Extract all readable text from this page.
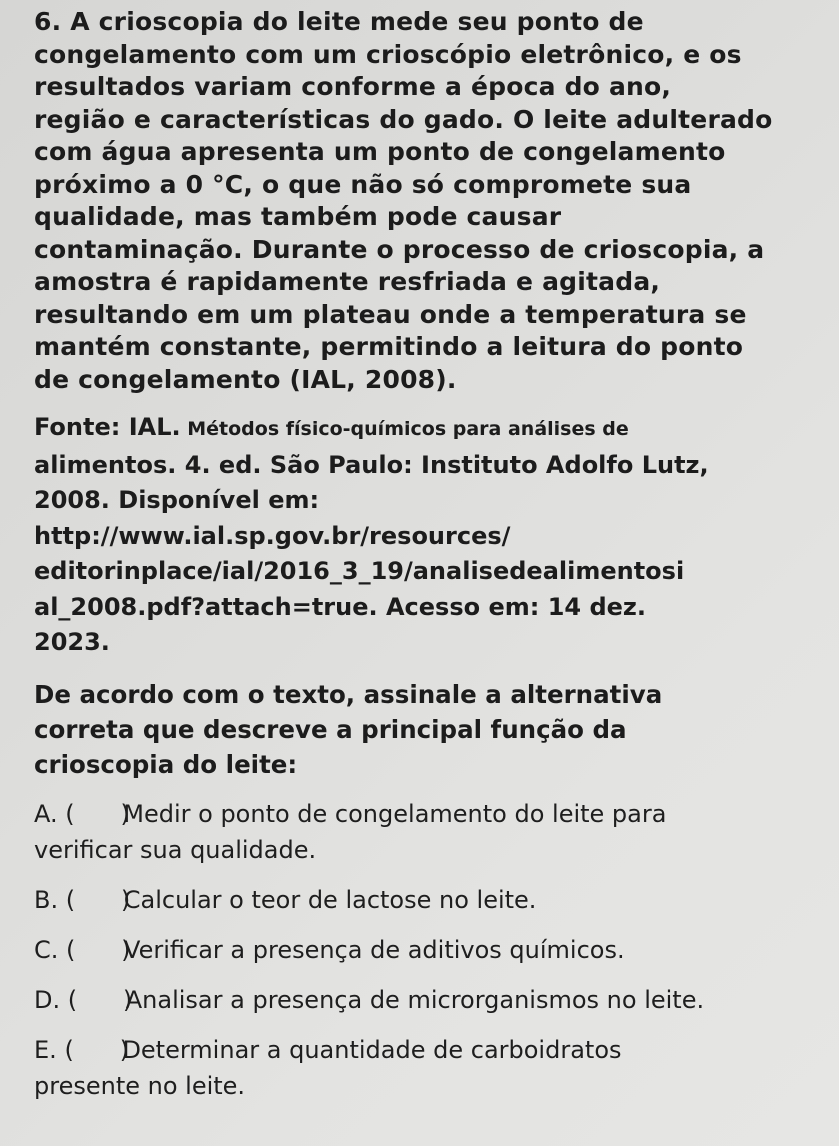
6. A crioscopia do leite mede seu ponto de
congelamento com um crioscópio eletrônico, e os
resultados variam conforme a época do ano,
região e características do gado. O leite adulterado
com água apresenta um ponto de congelamento
próximo a 0 °C, o que não só compromete sua
qualidade, mas também pode causar
contaminação. Durante o processo de crioscopia, a
amostra é rapidamente resfriada e agitada,
resultando em um plateau onde a temperatura se
mantém constante, permitindo a leitura do ponto
de congelamento (IAL, 2008).
Fonte: IAL. Métodos físico-químicos para análises de
alimentos. 4. ed. São Paulo: Instituto Adolfo Lutz,
2008. Disponível em:
http://www.ial.sp.gov.br/resources/
editorinplace/ial/2016_3_19/analisedealimentosi
al_2008.pdf?attach=true. Acesso em: 14 dez.
2023.
De acordo com o texto, assinale a alternativa
correta que descreve a principal função da
crioscopia do leite:
A. (      )Medir o ponto de congelamento do leite para
verificar sua qualidade.
B. (      )Calcular o teor de lactose no leite.
C. (      )Verificar a presença de aditivos químicos.
D. (      )Analisar a presença de microrganismos no leite.
E. (      )Determinar a quantidade de carboidratos
presente no leite.
